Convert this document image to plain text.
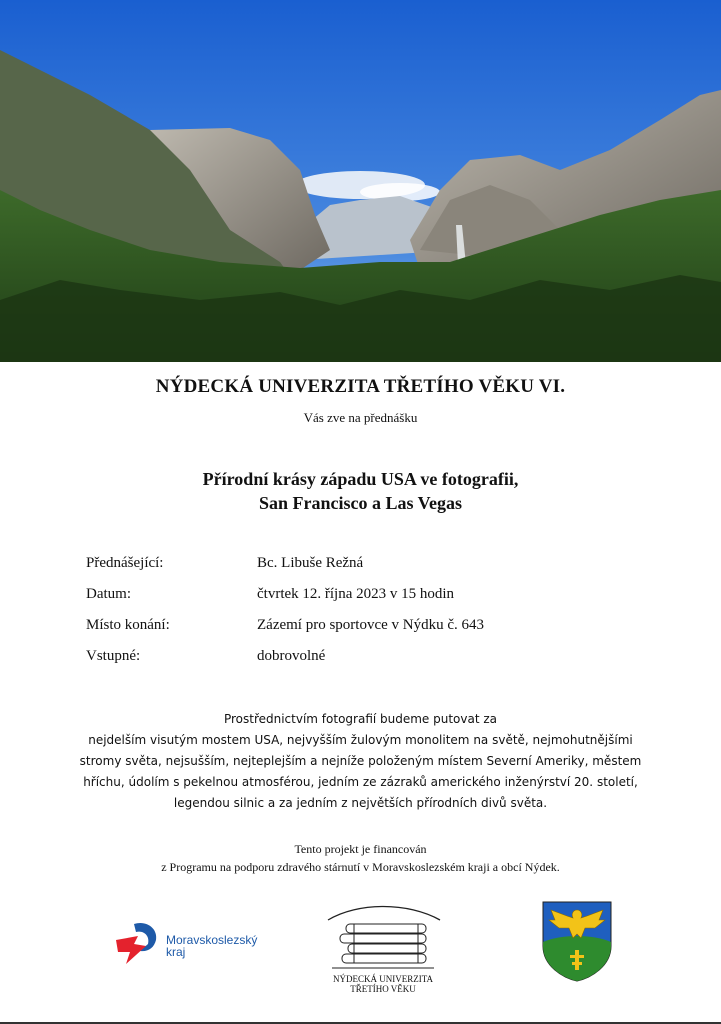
NÝDECKÁ UNIVERZITA TŘETÍHO VĚKU VI.
Vás zve na přednášku
Přírodní krásy západu USA ve fotografii,
San Francisco a Las Vegas
Přednášející:	Bc. Libuše Režná
Datum:	čtvrtek 12. října 2023 v 15 hodin
Místo konání:	Zázemí pro sportovce v Nýdku č. 643
Vstupné:	dobrovolné
Prostřednictvím fotografií budeme putovat za
nejdelším visutým mostem USA, nejvyšším žulovým monolitem na světě, nejmohutnějšími
stromy světa, nejsušším, nejteplejším a nejníže položeným místem Severní Ameriky, městem
hříchu, údolím s pekelnou atmosférou, jedním ze zázraků amerického inženýrství 20. století,
legendou silnic a za jedním z největších přírodních divů světa.
Tento projekt je financován
z Programu na podporu zdravého stárnutí v Moravskoslezském kraji a obcí Nýdek.
Moravskoslezský
kraj
NÝDECKÁ UNIVERZITA
TŘETÍHO VĚKU
